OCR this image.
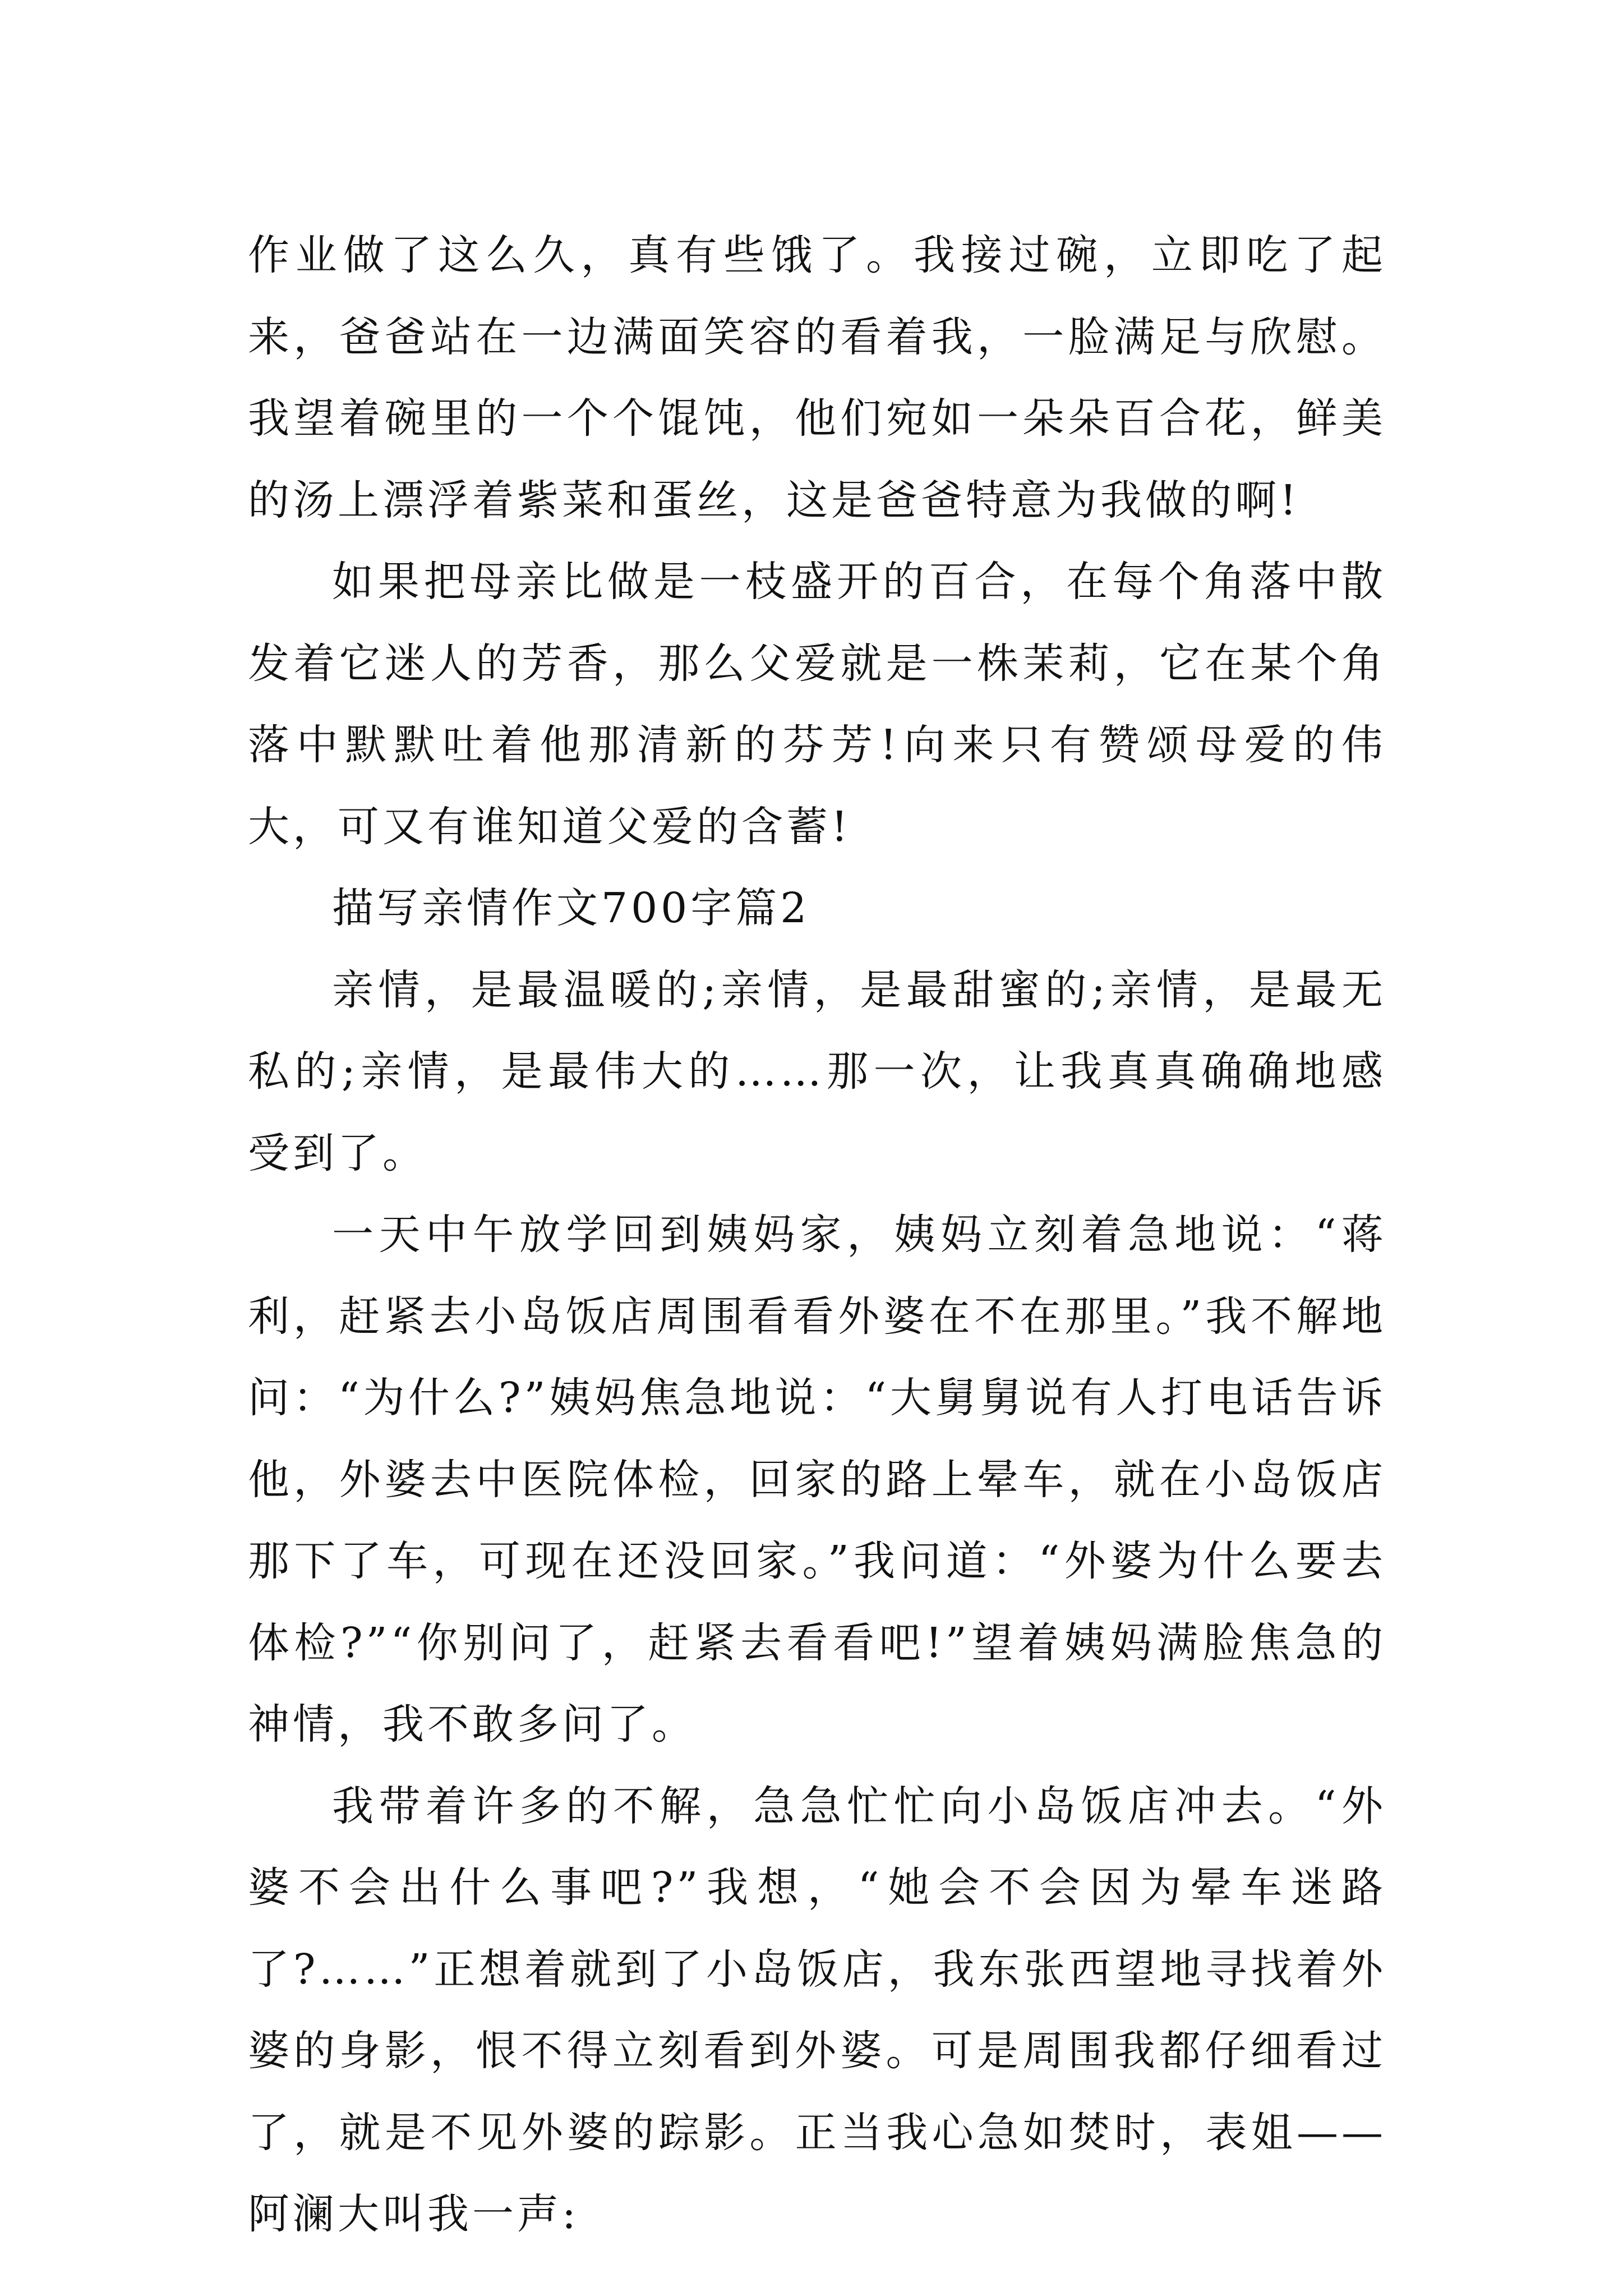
作业做了这么久，真有些饿了。我接过碗，立即吃了起来，爸爸站在一边满面笑容的看着我，一脸满足与欣慰。我望着碗里的一个个馄饨，他们宛如一朵朵百合花，鲜美的汤上漂浮着紫菜和蛋丝，这是爸爸特意为我做的啊!

如果把母亲比做是一枝盛开的百合，在每个角落中散发着它迷人的芳香，那么父爱就是一株茉莉，它在某个角落中默默吐着他那清新的芬芳!向来只有赞颂母爱的伟大，可又有谁知道父爱的含蓄!

描写亲情作文700字篇2

亲情，是最温暖的;亲情，是最甜蜜的;亲情，是最无私的;亲情，是最伟大的……那一次，让我真真确确地感受到了。

一天中午放学回到姨妈家，姨妈立刻着急地说：“蒋利，赶紧去小岛饭店周围看看外婆在不在那里。”我不解地问：“为什么?”姨妈焦急地说：“大舅舅说有人打电话告诉他，外婆去中医院体检，回家的路上晕车，就在小岛饭店那下了车，可现在还没回家。”我问道：“外婆为什么要去体检?”“你别问了，赶紧去看看吧!”望着姨妈满脸焦急的神情，我不敢多问了。

我带着许多的不解，急急忙忙向小岛饭店冲去。“外婆不会出什么事吧?”我想，“她会不会因为晕车迷路了?……”正想着就到了小岛饭店，我东张西望地寻找着外婆的身影，恨不得立刻看到外婆。可是周围我都仔细看过了，就是不见外婆的踪影。正当我心急如焚时，表姐——阿澜大叫我一声:
